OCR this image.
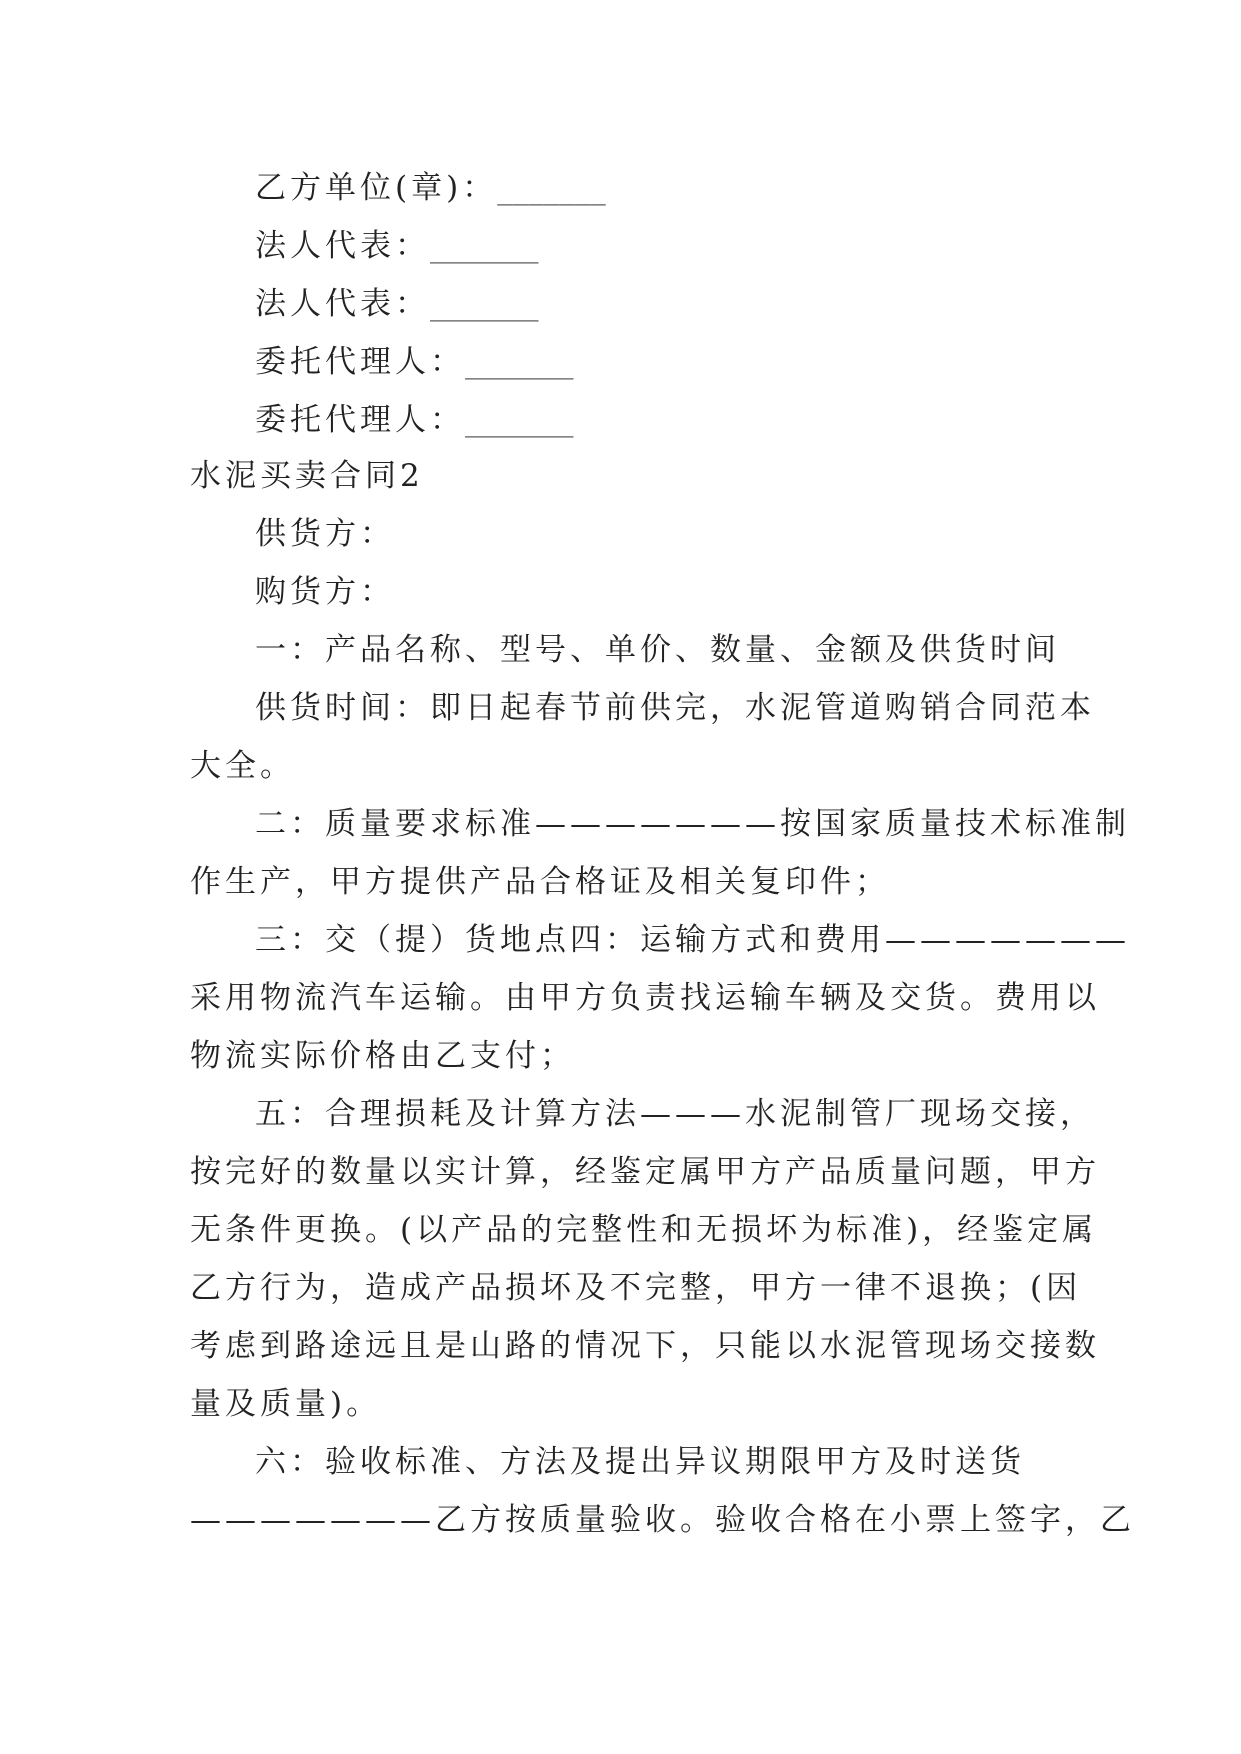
乙方单位(章)：_______
法人代表：_______
法人代表：_______
委托代理人：_______
委托代理人：_______
水泥买卖合同2
供货方：
购货方：
一：产品名称、型号、单价、数量、金额及供货时间
供货时间：即日起春节前供完，水泥管道购销合同范本
大全。
二：质量要求标准———————按国家质量技术标准制
作生产，甲方提供产品合格证及相关复印件；
三：交（提）货地点四：运输方式和费用———————
采用物流汽车运输。由甲方负责找运输车辆及交货。费用以
物流实际价格由乙支付；
五：合理损耗及计算方法———水泥制管厂现场交接，
按完好的数量以实计算，经鉴定属甲方产品质量问题，甲方
无条件更换。(以产品的完整性和无损坏为标准)，经鉴定属
乙方行为，造成产品损坏及不完整，甲方一律不退换；(因
考虑到路途远且是山路的情况下，只能以水泥管现场交接数
量及质量)。
六：验收标准、方法及提出异议期限甲方及时送货
———————乙方按质量验收。验收合格在小票上签字，乙
